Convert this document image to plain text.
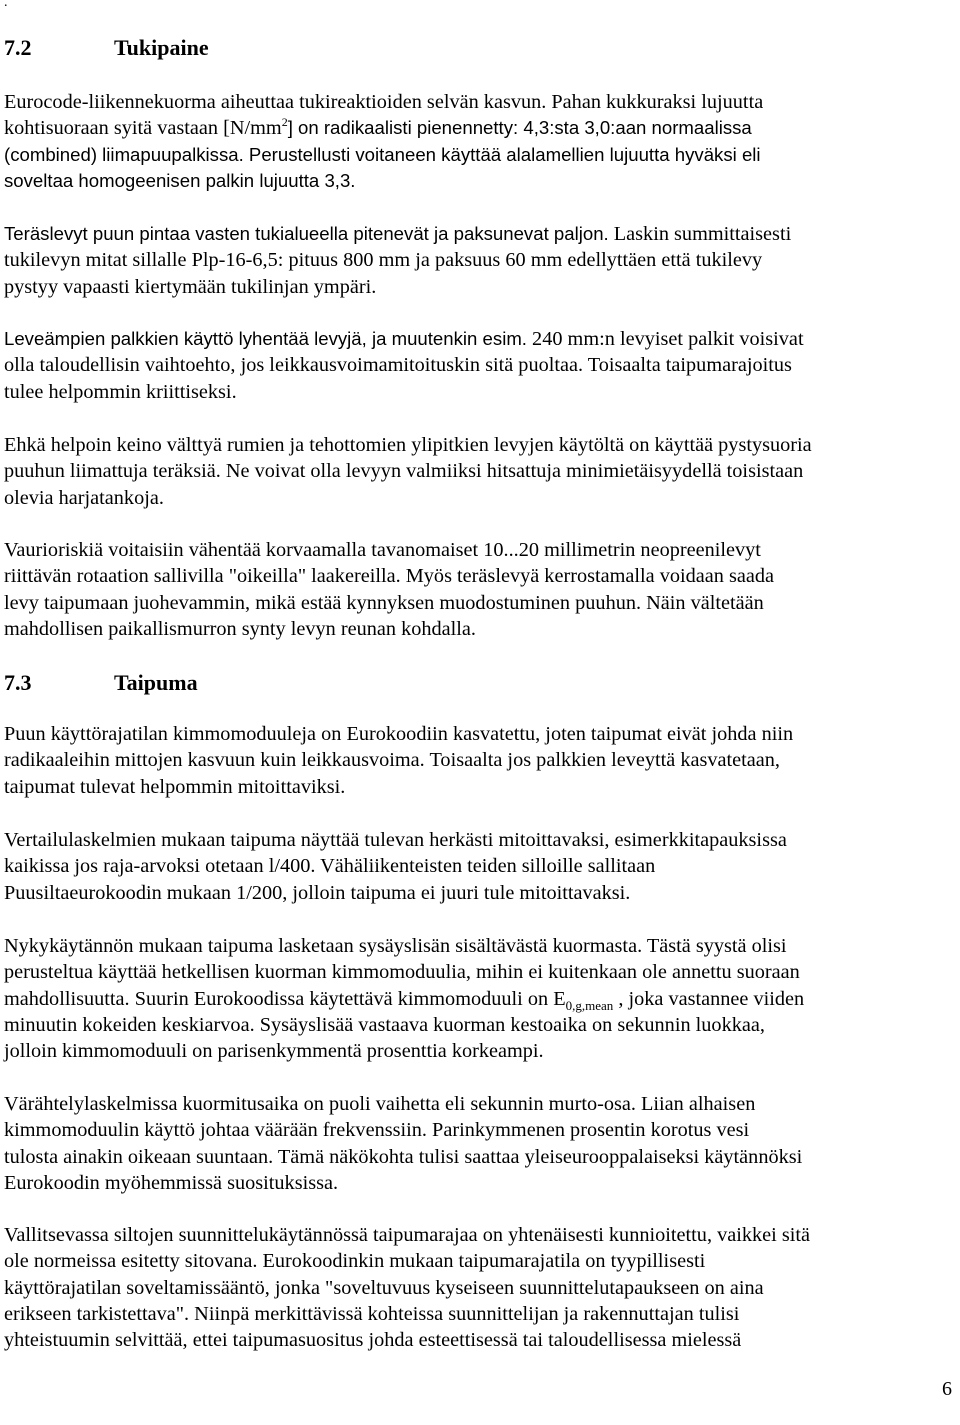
.
7.2	Tukipaine
Eurocode-liikennekuorma aiheuttaa tukireaktioiden selvän kasvun. Pahan kukkuraksi lujuutta
kohtisuoraan syitä vastaan $[N/mm^2]$ on radikaalisti pienennetty: 4,3:sta 3,0:aan normaalissa
(combined) liimapuupalkissa. Perustellusti voitaneen käyttää alalamellien lujuutta hyväksi eli
soveltaa homogeenisen palkin lujuutta 3,3.
Teräslevyt puun pintaa vasten tukialueella pitenevät ja paksunevat paljon. Laskin summittaisesti
tukilevyn mitat sillalle Plp-16-6,5: pituus 800 mm ja paksuus 60 mm edellyttäen että tukilevy
pystyy vapaasti kiertymään tukilinjan ympäri.
Leveämpien palkkien käyttö lyhentää levyjä, ja muutenkin esim. 240 mm:n levyiset palkit voisivat
olla taloudellisin vaihtoehto, jos leikkausvoimamitoituskin sitä puoltaa. Toisaalta taipumarajoitus
tulee helpommin kriittiseksi.
Ehkä helpoin keino välttyä rumien ja tehottomien ylipitkien levyjen käytöltä on käyttää pystysuoria
puuhun liimattuja teräksiä. Ne voivat olla levyyn valmiiksi hitsattuja minimietäisyydellä toisistaan
olevia harjatankoja.
Vaurioriskiä voitaisiin vähentää korvaamalla tavanomaiset 10...20 millimetrin neopreenilevyt
riittävän rotaation sallivilla "oikeilla" laakereilla. Myös teräslevyä kerrostamalla voidaan saada
levy taipumaan juohevammin, mikä estää kynnyksen muodostuminen puuhun. Näin vältetään
mahdollisen paikallismurron synty levyn reunan kohdalla.
7.3	Taipuma
Puun käyttörajatilan kimmomoduuleja on Eurokoodiin kasvatettu, joten taipumat eivät johda niin
radikaaleihin mittojen kasvuun kuin leikkausvoima. Toisaalta jos palkkien leveyttä kasvatetaan,
taipumat tulevat helpommin mitoittaviksi.
Vertailulaskelmien mukaan taipuma näyttää tulevan herkästi mitoittavaksi, esimerkkitapauksissa
kaikissa jos raja-arvoksi otetaan l/400. Vähäliikenteisten teiden silloille sallitaan
Puusiltaeurokoodin mukaan 1/200, jolloin taipuma ei juuri tule mitoittavaksi.
Nykykäytännön mukaan taipuma lasketaan sysäyslisän sisältävästä kuormasta. Tästä syystä olisi
perusteltua käyttää hetkellisen kuorman kimmomoduulia, mihin ei kuitenkaan ole annettu suoraan
mahdollisuutta. Suurin Eurokoodissa käytettävä kimmomoduuli on $E_{0,g,mean}$ , joka vastannee viiden
minuutin kokeiden keskiarvoa. Sysäyslisää vastaava kuorman kestoaika on sekunnin luokkaa,
jolloin kimmomoduuli on parisenkymmentä prosenttia korkeampi.
Värähtelylaskelmissa kuormitusaika on puoli vaihetta eli sekunnin murto-osa. Liian alhaisen
kimmomoduulin käyttö johtaa väärään frekvenssiin. Parinkymmenen prosentin korotus vesi
tulosta ainakin oikeaan suuntaan. Tämä näkökohta tulisi saattaa yleiseurooppalaiseksi käytännöksi
Eurokoodin myöhemmissä suosituksissa.
Vallitsevassa siltojen suunnittelukäytännössä taipumarajaa on yhtenäisesti kunnioitettu, vaikkei sitä
ole normeissa esitetty sitovana. Eurokoodinkin mukaan taipumarajatila on tyypillisesti
käyttörajatilan soveltamissääntö, jonka "soveltuvuus kyseiseen suunnittelutapaukseen on aina
erikseen tarkistettava". Niinpä merkittävissä kohteissa suunnittelijan ja rakennuttajan tulisi
yhteistuumin selvittää, ettei taipumasuositus johda esteettisessä tai taloudellisessa mielessä
6
